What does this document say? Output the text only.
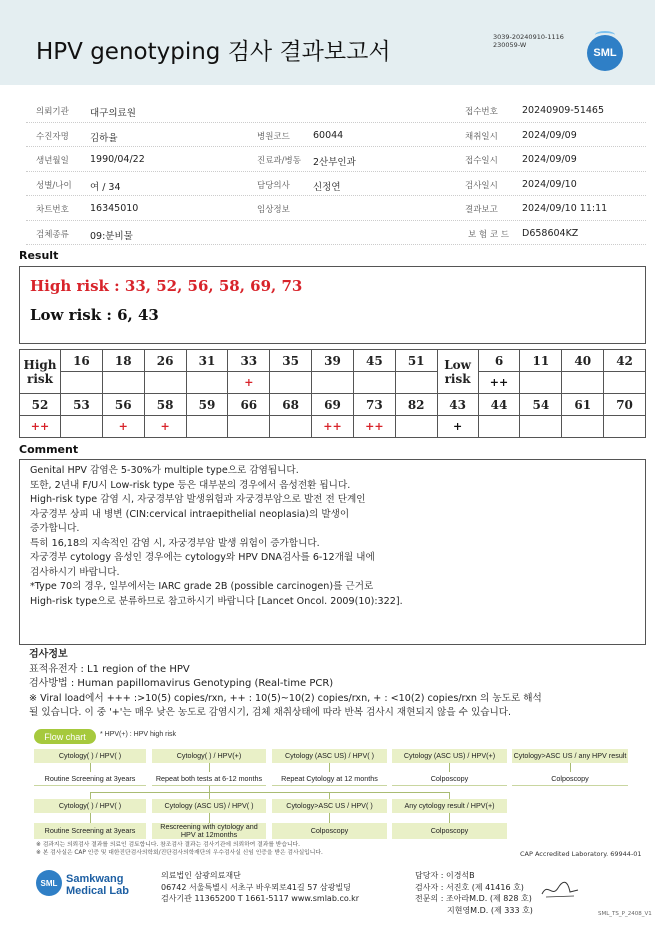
HPV genotyping 검사 결과보고서
3039-20240910-1116
230059-W
SML
의뢰기관 대구의료원	접수번호	20240909-51465
수진자명 김하율	병원코드 60044	채취일시	2024/09/09
생년월일 1990/04/22	진료과/병동 2산부인과	접수일시	2024/09/09
성별/나이 여 / 34	담당의사 신정연	검사일시	2024/09/10
차트번호 16345010	임상정보	결과보고	2024/09/10 11:11
검체종류 09:분비물	보 험 코 드 D658604KZ
Result
High risk : 33, 52, 56, 58, 69, 73
Low risk : 6, 43
High risk	16	18	26	31	33	35	39	45	51	Low risk	6	11	40	42
					+						++			
52	53	56	58	59	66	68	69	73	82	43	44	54	61	70
++		+	+				++	++		+				
Comment
Genital HPV 감염은 5-30%가 multiple type으로 감염됩니다.
또한, 2년내 F/U시 Low-risk type 등은 대부분의 경우에서 음성전환 됩니다.
High-risk type 감염 시, 자궁경부암 발생위험과 자궁경부암으로 발전 전 단계인
자궁경부 상피 내 병변 (CIN:cervical intraepithelial neoplasia)의 발생이
증가합니다.
특히 16,18의 지속적인 감염 시, 자궁경부암 발생 위험이 증가합니다.
자궁경부 cytology 음성인 경우에는 cytology와 HPV DNA검사를 6-12개월 내에
검사하시기 바랍니다.
*Type 70의 경우, 일부에서는 IARC grade 2B (possible carcinogen)를 근거로
High-risk type으로 분류하므로 참고하시기 바랍니다 [Lancet Oncol. 2009(10):322].
검사정보
표적유전자 : L1 region of the HPV
검사방법 : Human papillomavirus Genotyping (Real-time PCR)
※ Viral load에서 +++ :>10(5) copies/rxn, ++ : 10(5)~10(2) copies/rxn, + : <10(2) copies/rxn 의 농도로 해석
될 있습니다. 이 중 '+'는 매우 낮은 농도로 감염시기, 검체 채취상태에 따라 반복 검사시 재현되지 않을 수 있습니다.
Flow chart	* HPV(+) : HPV high risk
Cytology( ) / HPV( )	Cytology( ) / HPV(+)	Cytology (ASC US) / HPV( )	Cytology (ASC US) / HPV(+)	Cytology>ASC US / any HPV result
Routine Screening at 3years	Repeat both tests at 6-12 months	Repeat Cytology at 12 months	Colposcopy	Colposcopy
Cytology( ) / HPV( )	Cytology (ASC US) / HPV( )	Cytology>ASC US / HPV( )	Any cytology result / HPV(+)
Routine Screening at 3years	Rescreening with cytology and HPV at 12months	Colposcopy	Colposcopy
※ 검과지는 의뢰검사 결과를 의료인 검토합니다. 참조검사 결과는 검사기관에 의뢰하여 결과를 받습니다.
※ 본 검사실은 CAP 인증 및 대한진단검사의학회/진단검사의학재단의 우수검사실 신임 인증을 받은 검사실입니다.	CAP Accredited Laboratory. 69944-01
SML Samkwang
Medical Lab
의료법인 삼광의료재단
06742 서울특별시 서초구 바우뫼로41길 57 삼광빌딩
검사기관 11365200 T 1661-5117 www.smlab.co.kr
담당자 : 이경석B
검사자 : 서진호 (제 41416 호)
전문의 : 조아라M.D. (제 828 호)
지현영M.D. (제 333 호)	SML_TS_P_2408_V1
